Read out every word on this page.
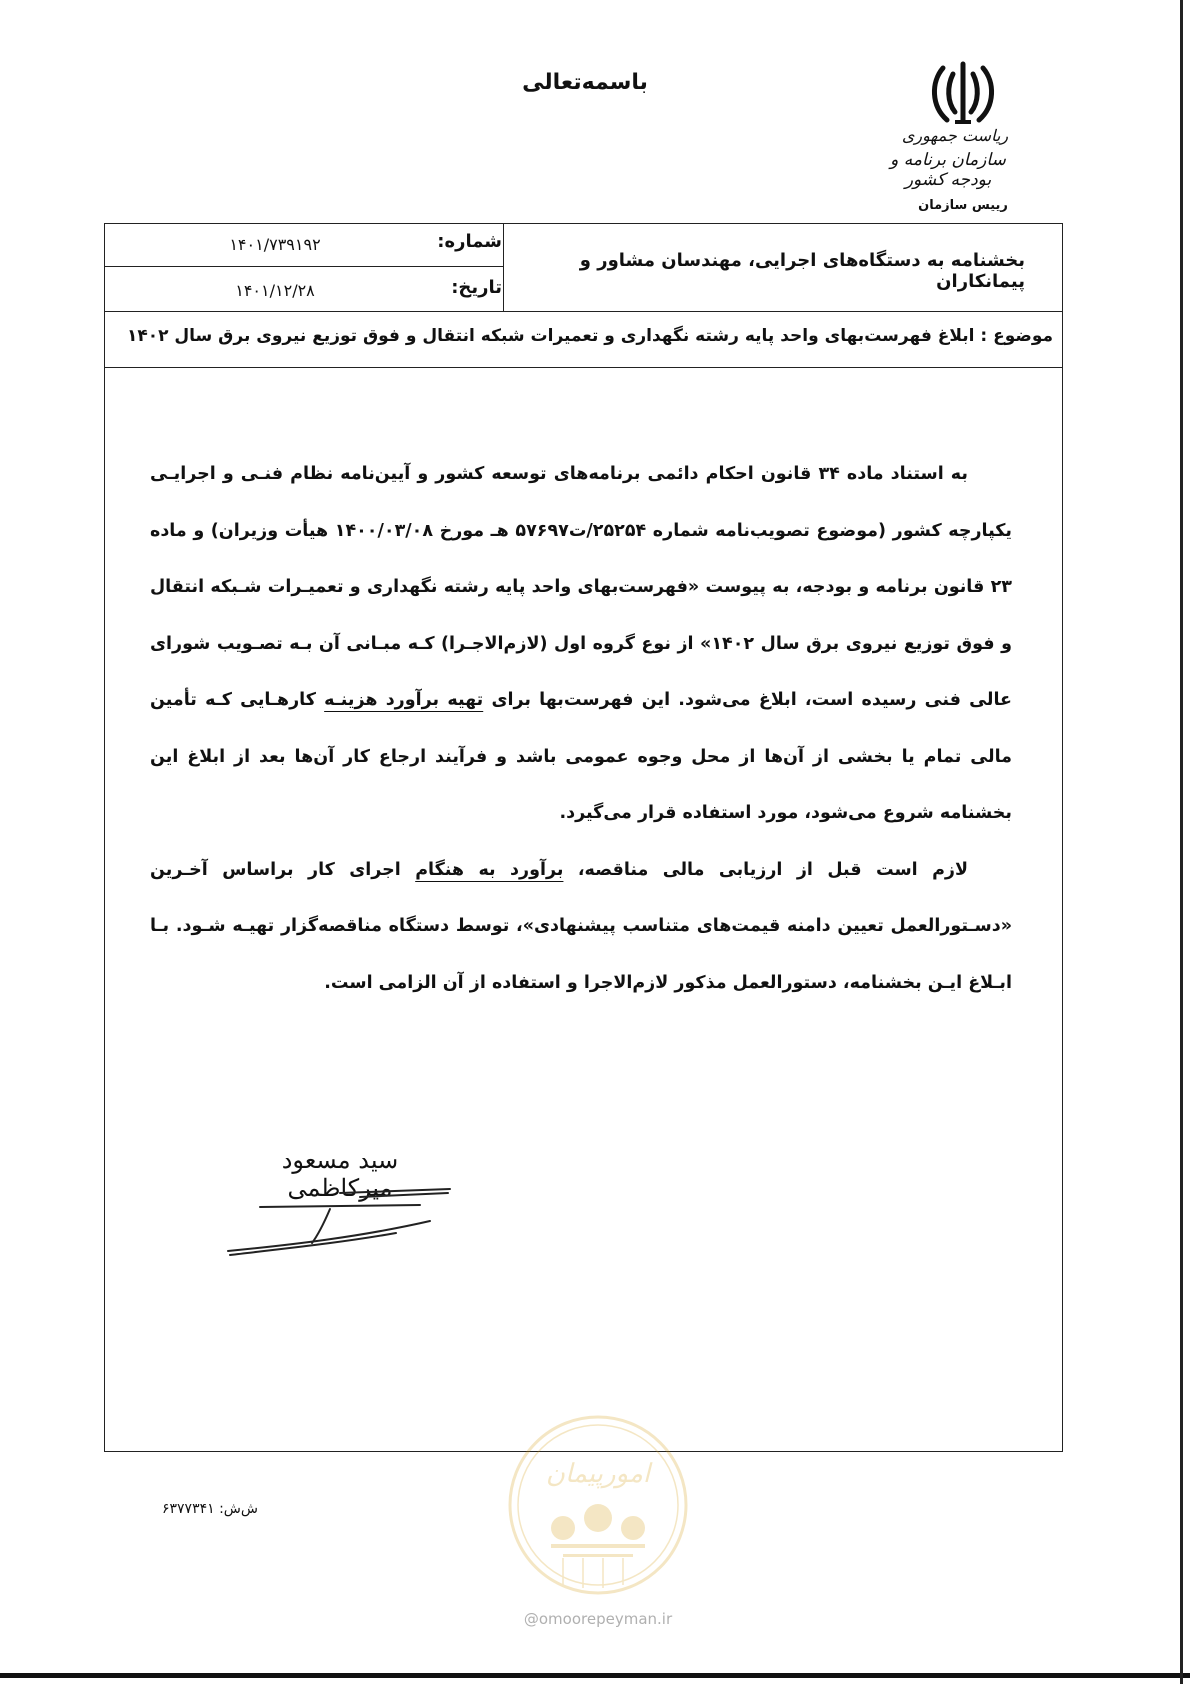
باسمه‌تعالی
ریاست جمهوری
سازمان برنامه و بودجه کشور
رییس سازمان
بخشنامه به دستگاه‌های اجرایی، مهندسان مشاور و پیمانکاران
شماره:
۱۴۰۱/۷۳۹۱۹۲
تاریخ:
۱۴۰۱/۱۲/۲۸
موضوع : ابلاغ فهرست‌بهای واحد پایه رشته نگهداری و تعمیرات شبکه انتقال و فوق توزیع نیروی برق سال ۱۴۰۲

به استناد ماده ۳۴ قانون احکام دائمی برنامه‌های توسعه کشور و آیین‌نامه نظام فنـی و اجرایـی یکپارچه کشور (موضوع تصویب‌نامه شماره ۲۵۲۵۴/ت۵۷۶۹۷ هـ مورخ ۱۴۰۰/۰۳/۰۸ هیأت وزیران) و ماده ۲۳ قانون برنامه و بودجه، به پیوست «فهرست‌بهای واحد پایه رشته نگهداری و تعمیـرات شـبکه انتقال و فوق توزیع نیروی برق سال ۱۴۰۲» از نوع گروه اول (لازم‌الاجـرا) کـه مبـانی آن بـه تصـویب شورای عالی فنی رسیده است، ابلاغ می‌شود. این فهرست‌بها برای تهیه برآورد هزینـه کارهـایی کـه تأمین مالی تمام یا بخشی از آن‌ها از محل وجوه عمومی باشد و فرآیند ارجاع کار آن‌ها بعد از ابلاغ این بخشنامه شروع می‌شود، مورد استفاده قرار می‌گیرد.

لازم است قبل از ارزیابی مالی مناقصه، برآورد به هنگام اجرای کار براساس آخـرین «دسـتورالعمل تعیین دامنه قیمت‌های متناسب پیشنهادی»، توسط دستگاه مناقصه‌گزار تهیـه شـود. بـا ابـلاغ ایـن بخشنامه، دستورالعمل مذکور لازم‌الاجرا و استفاده از آن الزامی است.

سید مسعود میرکاظمی
ش‌ش: ۶۳۷۷۳۴۱
امورپیمان
@omoorepeyman.ir
